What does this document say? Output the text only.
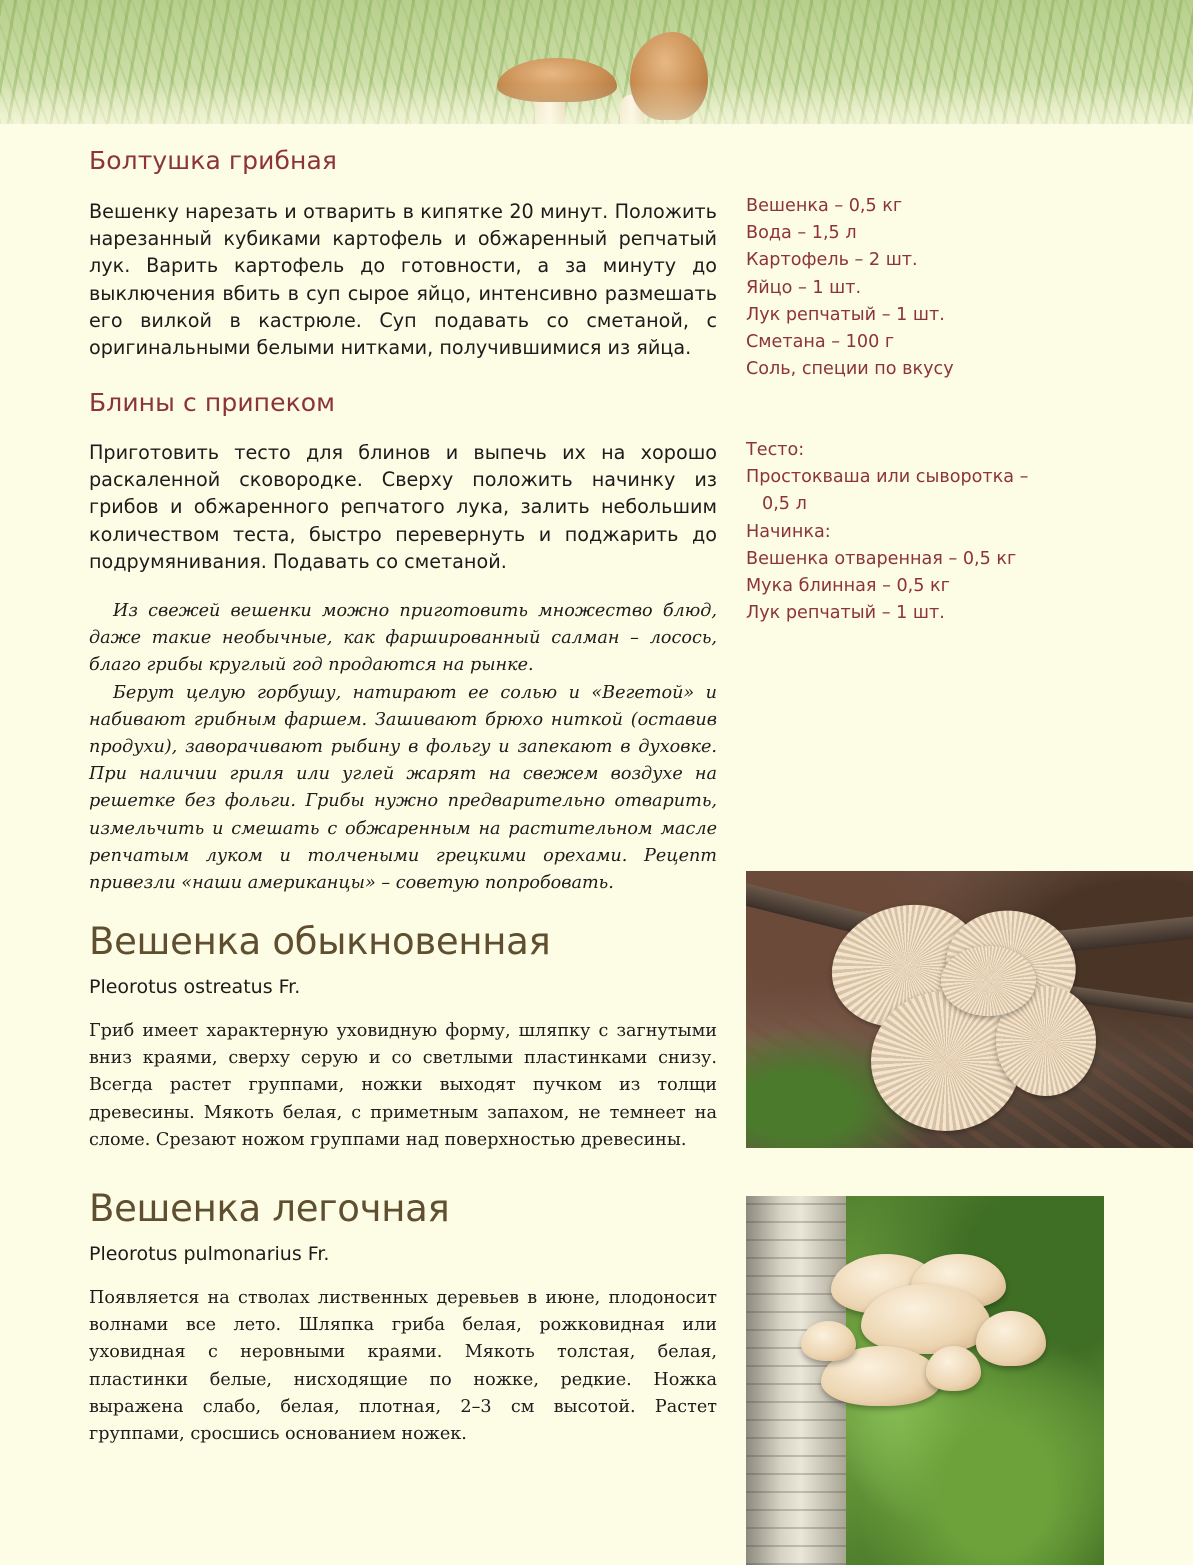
Болтушка грибная
Вешенку нарезать и отварить в кипятке 20 минут. Положить нарезанный кубиками картофель и обжаренный репчатый лук. Варить картофель до готовности, а за минуту до выключения вбить в суп сырое яйцо, интенсивно размешать его вилкой в кастрюле. Суп подавать со сметаной, с оригинальными белыми нитками, получившимися из яйца.
Вешенка – 0,5 кг
Вода – 1,5 л
Картофель – 2 шт.
Яйцо – 1 шт.
Лук репчатый – 1 шт.
Сметана – 100 г
Соль, специи по вкусу
Блины с припеком
Приготовить тесто для блинов и выпечь их на хорошо раскаленной сковородке. Сверху положить начинку из грибов и обжаренного репчатого лука, залить небольшим количеством теста, быстро перевернуть и поджарить до подрумянивания. Подавать со сметаной.
Тесто:
Простокваша или сыворотка –
0,5 л
Начинка:
Вешенка отваренная – 0,5 кг
Мука блинная – 0,5 кг
Лук репчатый – 1 шт.

Из свежей вешенки можно приготовить множество блюд, даже такие необычные, как фаршированный салман – лосось, благо грибы круглый год продаются на рынке.

Берут целую горбушу, натирают ее солью и «Вегетой» и набивают грибным фаршем. Зашивают брюхо ниткой (оставив продухи), заворачивают рыбину в фольгу и запекают в духовке. При наличии гриля или углей жарят на свежем воздухе на решетке без фольги. Грибы нужно предварительно отварить, измельчить и смешать с обжаренным на растительном масле репчатым луком и толчеными грецкими орехами. Рецепт привезли «наши американцы» – советую попробовать.

Вешенка обыкновенная
Pleorotus ostreatus Fr.
Гриб имеет характерную уховидную форму, шляпку с загнутыми вниз краями, сверху серую и со светлыми пластинками снизу. Всегда растет группами, ножки выходят пучком из толщи древесины. Мякоть белая, с приметным запахом, не темнеет на сломе. Срезают ножом группами над поверхностью древесины.
Вешенка легочная
Pleorotus pulmonarius Fr.
Появляется на стволах лиственных деревьев в июне, плодоносит волнами все лето. Шляпка гриба белая, рожковидная или уховидная с неровными краями. Мякоть толстая, белая, пластинки белые, нисходящие по ножке, редкие. Ножка выражена слабо, белая, плотная, 2–3 см высотой. Растет группами, сросшись основанием ножек.
